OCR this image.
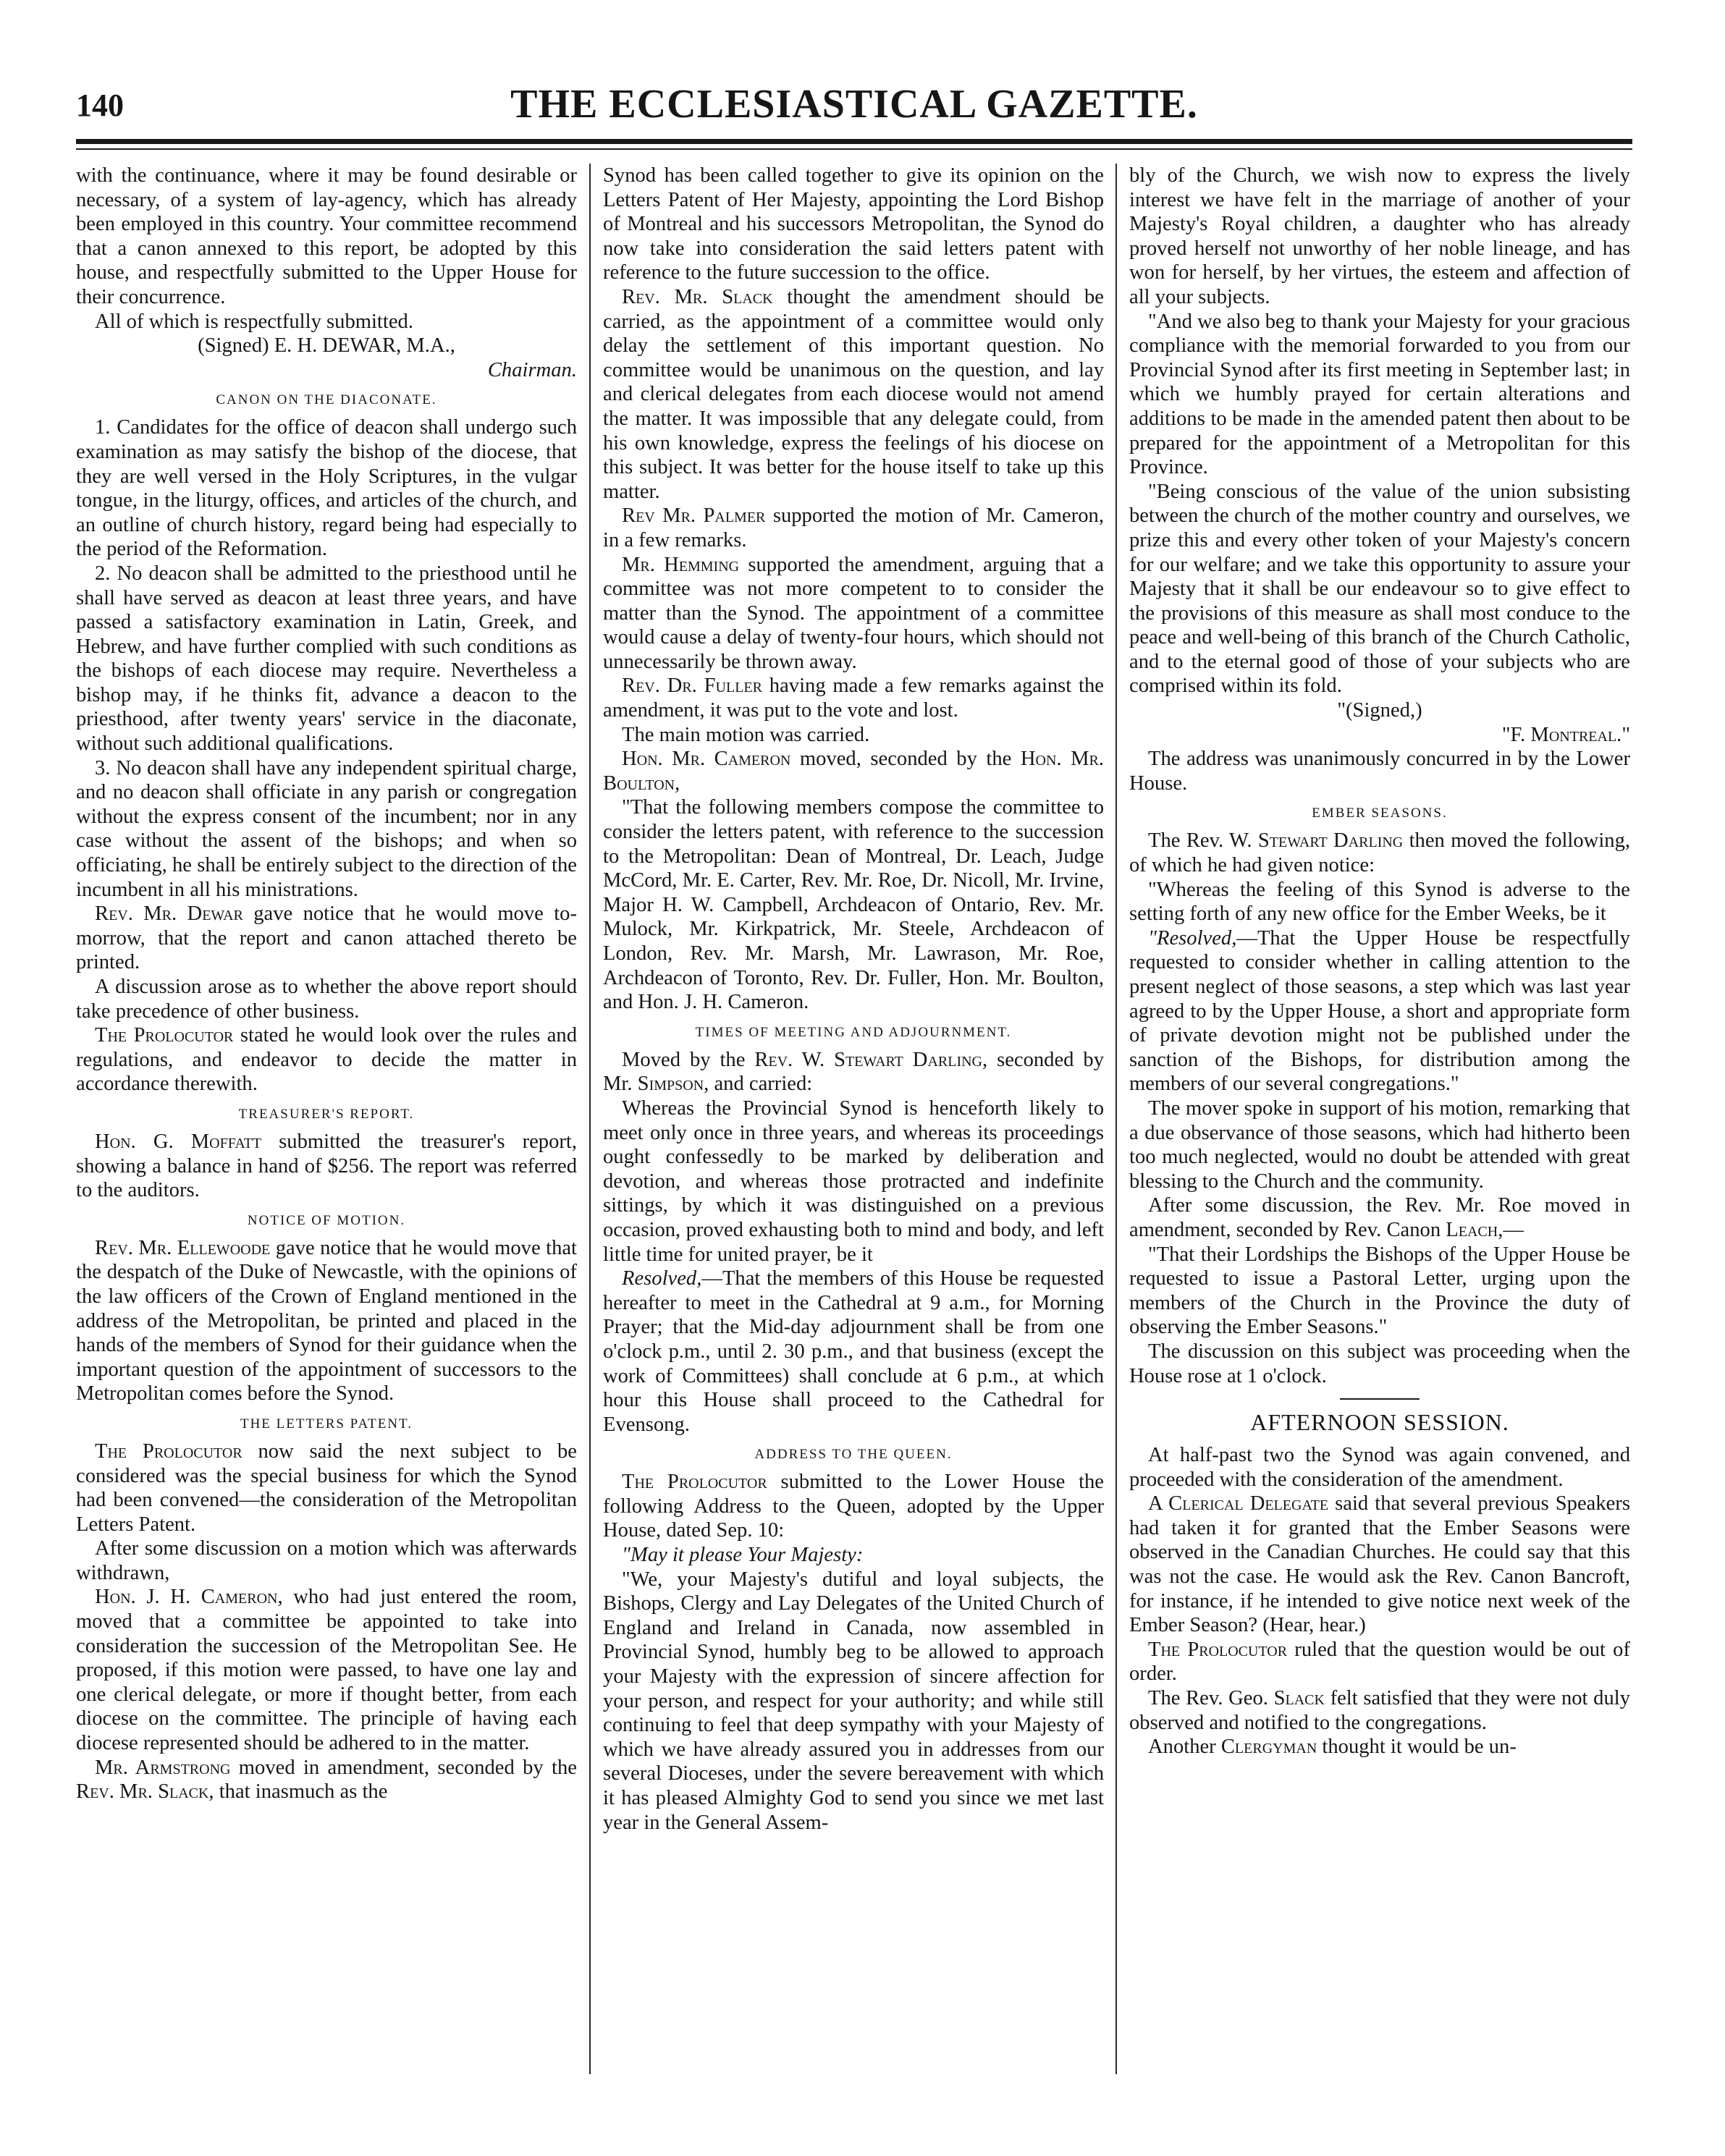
140	THE ECCLESIASTICAL GAZETTE.

with the continuance, where it may be found desirable or necessary, of a system of lay-agency, which has already been employed in this country. Your committee recommend that a canon annexed to this report, be adopted by this house, and respectfully submitted to the Upper House for their concurrence.

All of which is respectfully submitted.

(Signed) E. H. DEWAR, M.A.,

Chairman.

CANON ON THE DIACONATE.

1. Candidates for the office of deacon shall undergo such examination as may satisfy the bishop of the diocese, that they are well versed in the Holy Scriptures, in the vulgar tongue, in the liturgy, offices, and articles of the church, and an outline of church history, regard being had especially to the period of the Reformation.

2. No deacon shall be admitted to the priesthood until he shall have served as deacon at least three years, and have passed a satisfactory examination in Latin, Greek, and Hebrew, and have further complied with such conditions as the bishops of each diocese may require. Nevertheless a bishop may, if he thinks fit, advance a deacon to the priesthood, after twenty years' service in the diaconate, without such additional qualifications.

3. No deacon shall have any independent spiritual charge, and no deacon shall officiate in any parish or congregation without the express consent of the incumbent; nor in any case without the assent of the bishops; and when so officiating, he shall be entirely subject to the direction of the incumbent in all his ministrations.

Rev. Mr. Dewar gave notice that he would move to-morrow, that the report and canon attached thereto be printed.

A discussion arose as to whether the above report should take precedence of other business.

The Prolocutor stated he would look over the rules and regulations, and endeavor to decide the matter in accordance therewith.

TREASURER'S REPORT.

Hon. G. Moffatt submitted the treasurer's report, showing a balance in hand of $256. The report was referred to the auditors.

NOTICE OF MOTION.

Rev. Mr. Ellewoode gave notice that he would move that the despatch of the Duke of Newcastle, with the opinions of the law officers of the Crown of England mentioned in the address of the Metropolitan, be printed and placed in the hands of the members of Synod for their guidance when the important question of the appointment of successors to the Metropolitan comes before the Synod.

THE LETTERS PATENT.

The Prolocutor now said the next subject to be considered was the special business for which the Synod had been convened—the consideration of the Metropolitan Letters Patent.

After some discussion on a motion which was afterwards withdrawn,

Hon. J. H. Cameron, who had just entered the room, moved that a committee be appointed to take into consideration the succession of the Metropolitan See. He proposed, if this motion were passed, to have one lay and one clerical delegate, or more if thought better, from each diocese on the committee. The principle of having each diocese represented should be adhered to in the matter.

Mr. Armstrong moved in amendment, seconded by the Rev. Mr. Slack, that inasmuch as the

Synod has been called together to give its opinion on the Letters Patent of Her Majesty, appointing the Lord Bishop of Montreal and his successors Metropolitan, the Synod do now take into consideration the said letters patent with reference to the future succession to the office.

Rev. Mr. Slack thought the amendment should be carried, as the appointment of a committee would only delay the settlement of this important question. No committee would be unanimous on the question, and lay and clerical delegates from each diocese would not amend the matter. It was impossible that any delegate could, from his own knowledge, express the feelings of his diocese on this subject. It was better for the house itself to take up this matter.

Rev Mr. Palmer supported the motion of Mr. Cameron, in a few remarks.

Mr. Hemming supported the amendment, arguing that a committee was not more competent to to consider the matter than the Synod. The appointment of a committee would cause a delay of twenty-four hours, which should not unnecessarily be thrown away.

Rev. Dr. Fuller having made a few remarks against the amendment, it was put to the vote and lost.

The main motion was carried.

Hon. Mr. Cameron moved, seconded by the Hon. Mr. Boulton,

"That the following members compose the committee to consider the letters patent, with reference to the succession to the Metropolitan: Dean of Montreal, Dr. Leach, Judge McCord, Mr. E. Carter, Rev. Mr. Roe, Dr. Nicoll, Mr. Irvine, Major H. W. Campbell, Archdeacon of Ontario, Rev. Mr. Mulock, Mr. Kirkpatrick, Mr. Steele, Archdeacon of London, Rev. Mr. Marsh, Mr. Lawrason, Mr. Roe, Archdeacon of Toronto, Rev. Dr. Fuller, Hon. Mr. Boulton, and Hon. J. H. Cameron.

TIMES OF MEETING AND ADJOURNMENT.

Moved by the Rev. W. Stewart Darling, seconded by Mr. Simpson, and carried:

Whereas the Provincial Synod is henceforth likely to meet only once in three years, and whereas its proceedings ought confessedly to be marked by deliberation and devotion, and whereas those protracted and indefinite sittings, by which it was distinguished on a previous occasion, proved exhausting both to mind and body, and left little time for united prayer, be it

Resolved,—That the members of this House be requested hereafter to meet in the Cathedral at 9 a.m., for Morning Prayer; that the Mid-day adjournment shall be from one o'clock p.m., until 2. 30 p.m., and that business (except the work of Committees) shall conclude at 6 p.m., at which hour this House shall proceed to the Cathedral for Evensong.

ADDRESS TO THE QUEEN.

The Prolocutor submitted to the Lower House the following Address to the Queen, adopted by the Upper House, dated Sep. 10:

"May it please Your Majesty:

"We, your Majesty's dutiful and loyal subjects, the Bishops, Clergy and Lay Delegates of the United Church of England and Ireland in Canada, now assembled in Provincial Synod, humbly beg to be allowed to approach your Majesty with the expression of sincere affection for your person, and respect for your authority; and while still continuing to feel that deep sympathy with your Majesty of which we have already assured you in addresses from our several Dioceses, under the severe bereavement with which it has pleased Almighty God to send you since we met last year in the General Assem-

bly of the Church, we wish now to express the lively interest we have felt in the marriage of another of your Majesty's Royal children, a daughter who has already proved herself not unworthy of her noble lineage, and has won for herself, by her virtues, the esteem and affection of all your subjects.

"And we also beg to thank your Majesty for your gracious compliance with the memorial forwarded to you from our Provincial Synod after its first meeting in September last; in which we humbly prayed for certain alterations and additions to be made in the amended patent then about to be prepared for the appointment of a Metropolitan for this Province.

"Being conscious of the value of the union subsisting between the church of the mother country and ourselves, we prize this and every other token of your Majesty's concern for our welfare; and we take this opportunity to assure your Majesty that it shall be our endeavour so to give effect to the provisions of this measure as shall most conduce to the peace and well-being of this branch of the Church Catholic, and to the eternal good of those of your subjects who are comprised within its fold.

"(Signed,)

"F. Montreal."

The address was unanimously concurred in by the Lower House.

EMBER SEASONS.

The Rev. W. Stewart Darling then moved the following, of which he had given notice:

"Whereas the feeling of this Synod is adverse to the setting forth of any new office for the Ember Weeks, be it

"Resolved,—That the Upper House be respectfully requested to consider whether in calling attention to the present neglect of those seasons, a step which was last year agreed to by the Upper House, a short and appropriate form of private devotion might not be published under the sanction of the Bishops, for distribution among the members of our several congregations."

The mover spoke in support of his motion, remarking that a due observance of those seasons, which had hitherto been too much neglected, would no doubt be attended with great blessing to the Church and the community.

After some discussion, the Rev. Mr. Roe moved in amendment, seconded by Rev. Canon Leach,—

"That their Lordships the Bishops of the Upper House be requested to issue a Pastoral Letter, urging upon the members of the Church in the Province the duty of observing the Ember Seasons."

The discussion on this subject was proceeding when the House rose at 1 o'clock.

AFTERNOON SESSION.

At half-past two the Synod was again convened, and proceeded with the consideration of the amendment.

A Clerical Delegate said that several previous Speakers had taken it for granted that the Ember Seasons were observed in the Canadian Churches. He could say that this was not the case. He would ask the Rev. Canon Bancroft, for instance, if he intended to give notice next week of the Ember Season? (Hear, hear.)

The Prolocutor ruled that the question would be out of order.

The Rev. Geo. Slack felt satisfied that they were not duly observed and notified to the congregations.

Another Clergyman thought it would be un-
